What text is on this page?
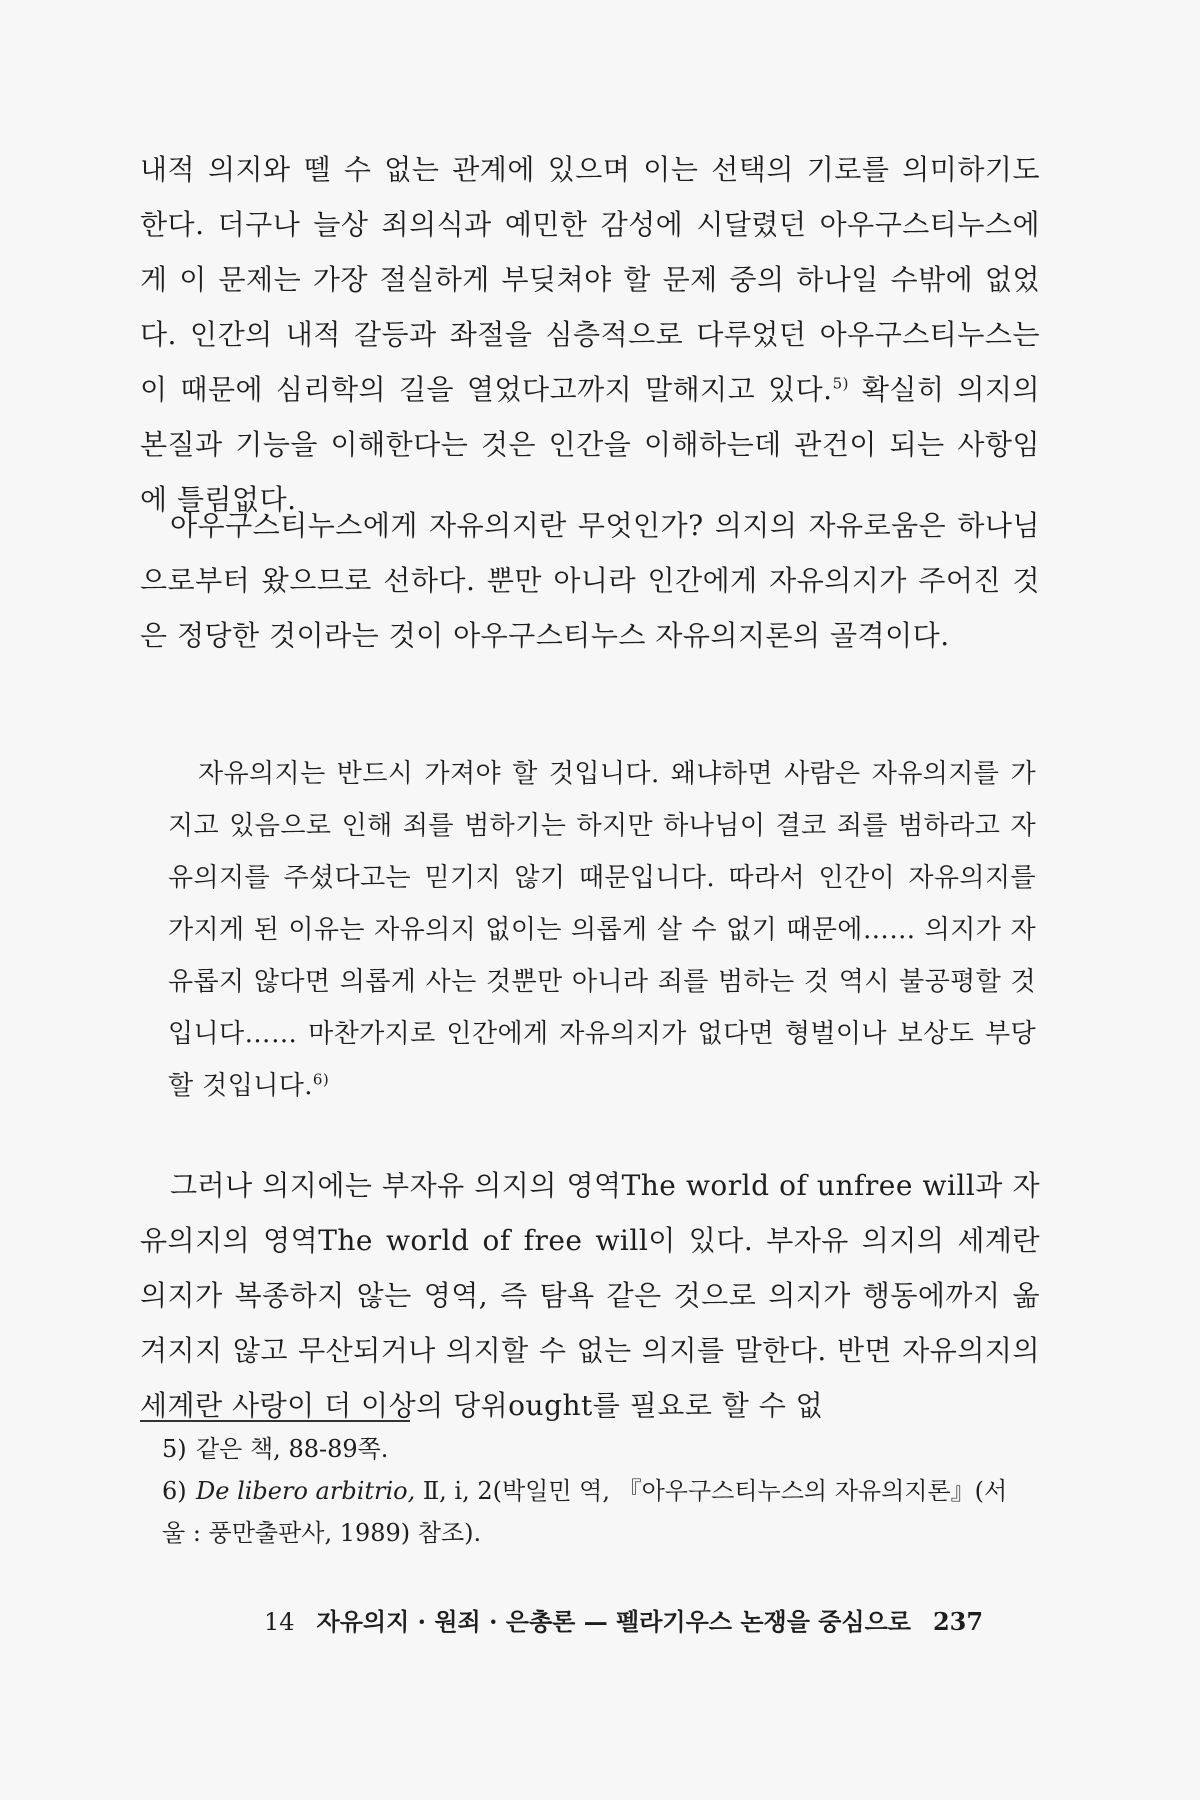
내적 의지와 뗄 수 없는 관계에 있으며 이는 선택의 기로를 의미하기도 한다. 더구나 늘상 죄의식과 예민한 감성에 시달렸던 아우구스티누스에게 이 문제는 가장 절실하게 부딪쳐야 할 문제 중의 하나일 수밖에 없었다. 인간의 내적 갈등과 좌절을 심층적으로 다루었던 아우구스티누스는 이 때문에 심리학의 길을 열었다고까지 말해지고 있다.$^{5)}$ 확실히 의지의 본질과 기능을 이해한다는 것은 인간을 이해하는데 관건이 되는 사항임에 틀림없다.

아우구스티누스에게 자유의지란 무엇인가? 의지의 자유로움은 하나님으로부터 왔으므로 선하다. 뿐만 아니라 인간에게 자유의지가 주어진 것은 정당한 것이라는 것이 아우구스티누스 자유의지론의 골격이다.

자유의지는 반드시 가져야 할 것입니다. 왜냐하면 사람은 자유의지를 가지고 있음으로 인해 죄를 범하기는 하지만 하나님이 결코 죄를 범하라고 자유의지를 주셨다고는 믿기지 않기 때문입니다. 따라서 인간이 자유의지를 가지게 된 이유는 자유의지 없이는 의롭게 살 수 없기 때문에…… 의지가 자유롭지 않다면 의롭게 사는 것뿐만 아니라 죄를 범하는 것 역시 불공평할 것입니다…… 마찬가지로 인간에게 자유의지가 없다면 형벌이나 보상도 부당할 것입니다.$^{6)}$

그러나 의지에는 부자유 의지의 영역The world of unfree will과 자유의지의 영역The world of free will이 있다. 부자유 의지의 세계란 의지가 복종하지 않는 영역, 즉 탐욕 같은 것으로 의지가 행동에까지 옮겨지지 않고 무산되거나 의지할 수 없는 의지를 말한다. 반면 자유의지의 세계란 사랑이 더 이상의 당위ought를 필요로 할 수 없

5) 같은 책, 88-89쪽.
6) De libero arbitrio, Ⅱ, i, 2(박일민 역, 『아우구스티누스의 자유의지론』(서
울 : 풍만출판사, 1989) 참조).
14 자유의지 · 원죄 · 은총론 — 펠라기우스 논쟁을 중심으로 237
